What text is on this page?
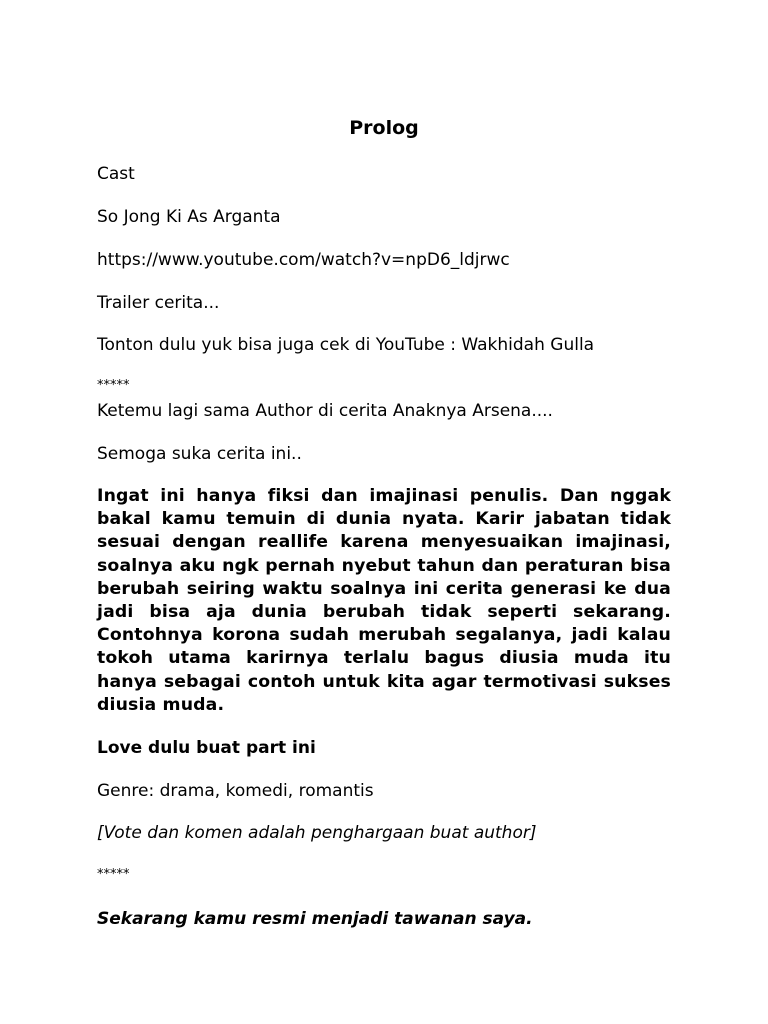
Prolog
Cast
So Jong Ki As Arganta
https://www.youtube.com/watch?v=npD6_ldjrwc
Trailer cerita...
Tonton dulu yuk bisa juga cek di YouTube : Wakhidah Gulla
*****
Ketemu lagi sama Author di cerita Anaknya Arsena....
Semoga suka cerita ini..
Ingat ini hanya fiksi dan imajinasi penulis. Dan nggak bakal kamu temuin di dunia nyata. Karir jabatan tidak sesuai dengan reallife karena menyesuaikan imajinasi, soalnya aku ngk pernah nyebut tahun dan peraturan bisa berubah seiring waktu soalnya ini cerita generasi ke dua jadi bisa aja dunia berubah tidak seperti sekarang. Contohnya korona sudah merubah segalanya, jadi kalau tokoh utama karirnya terlalu bagus diusia muda itu hanya sebagai contoh untuk kita agar termotivasi sukses diusia muda.
Love dulu buat part ini
Genre: drama, komedi, romantis
[Vote dan komen adalah penghargaan buat author]
*****
Sekarang kamu resmi menjadi tawanan saya.
